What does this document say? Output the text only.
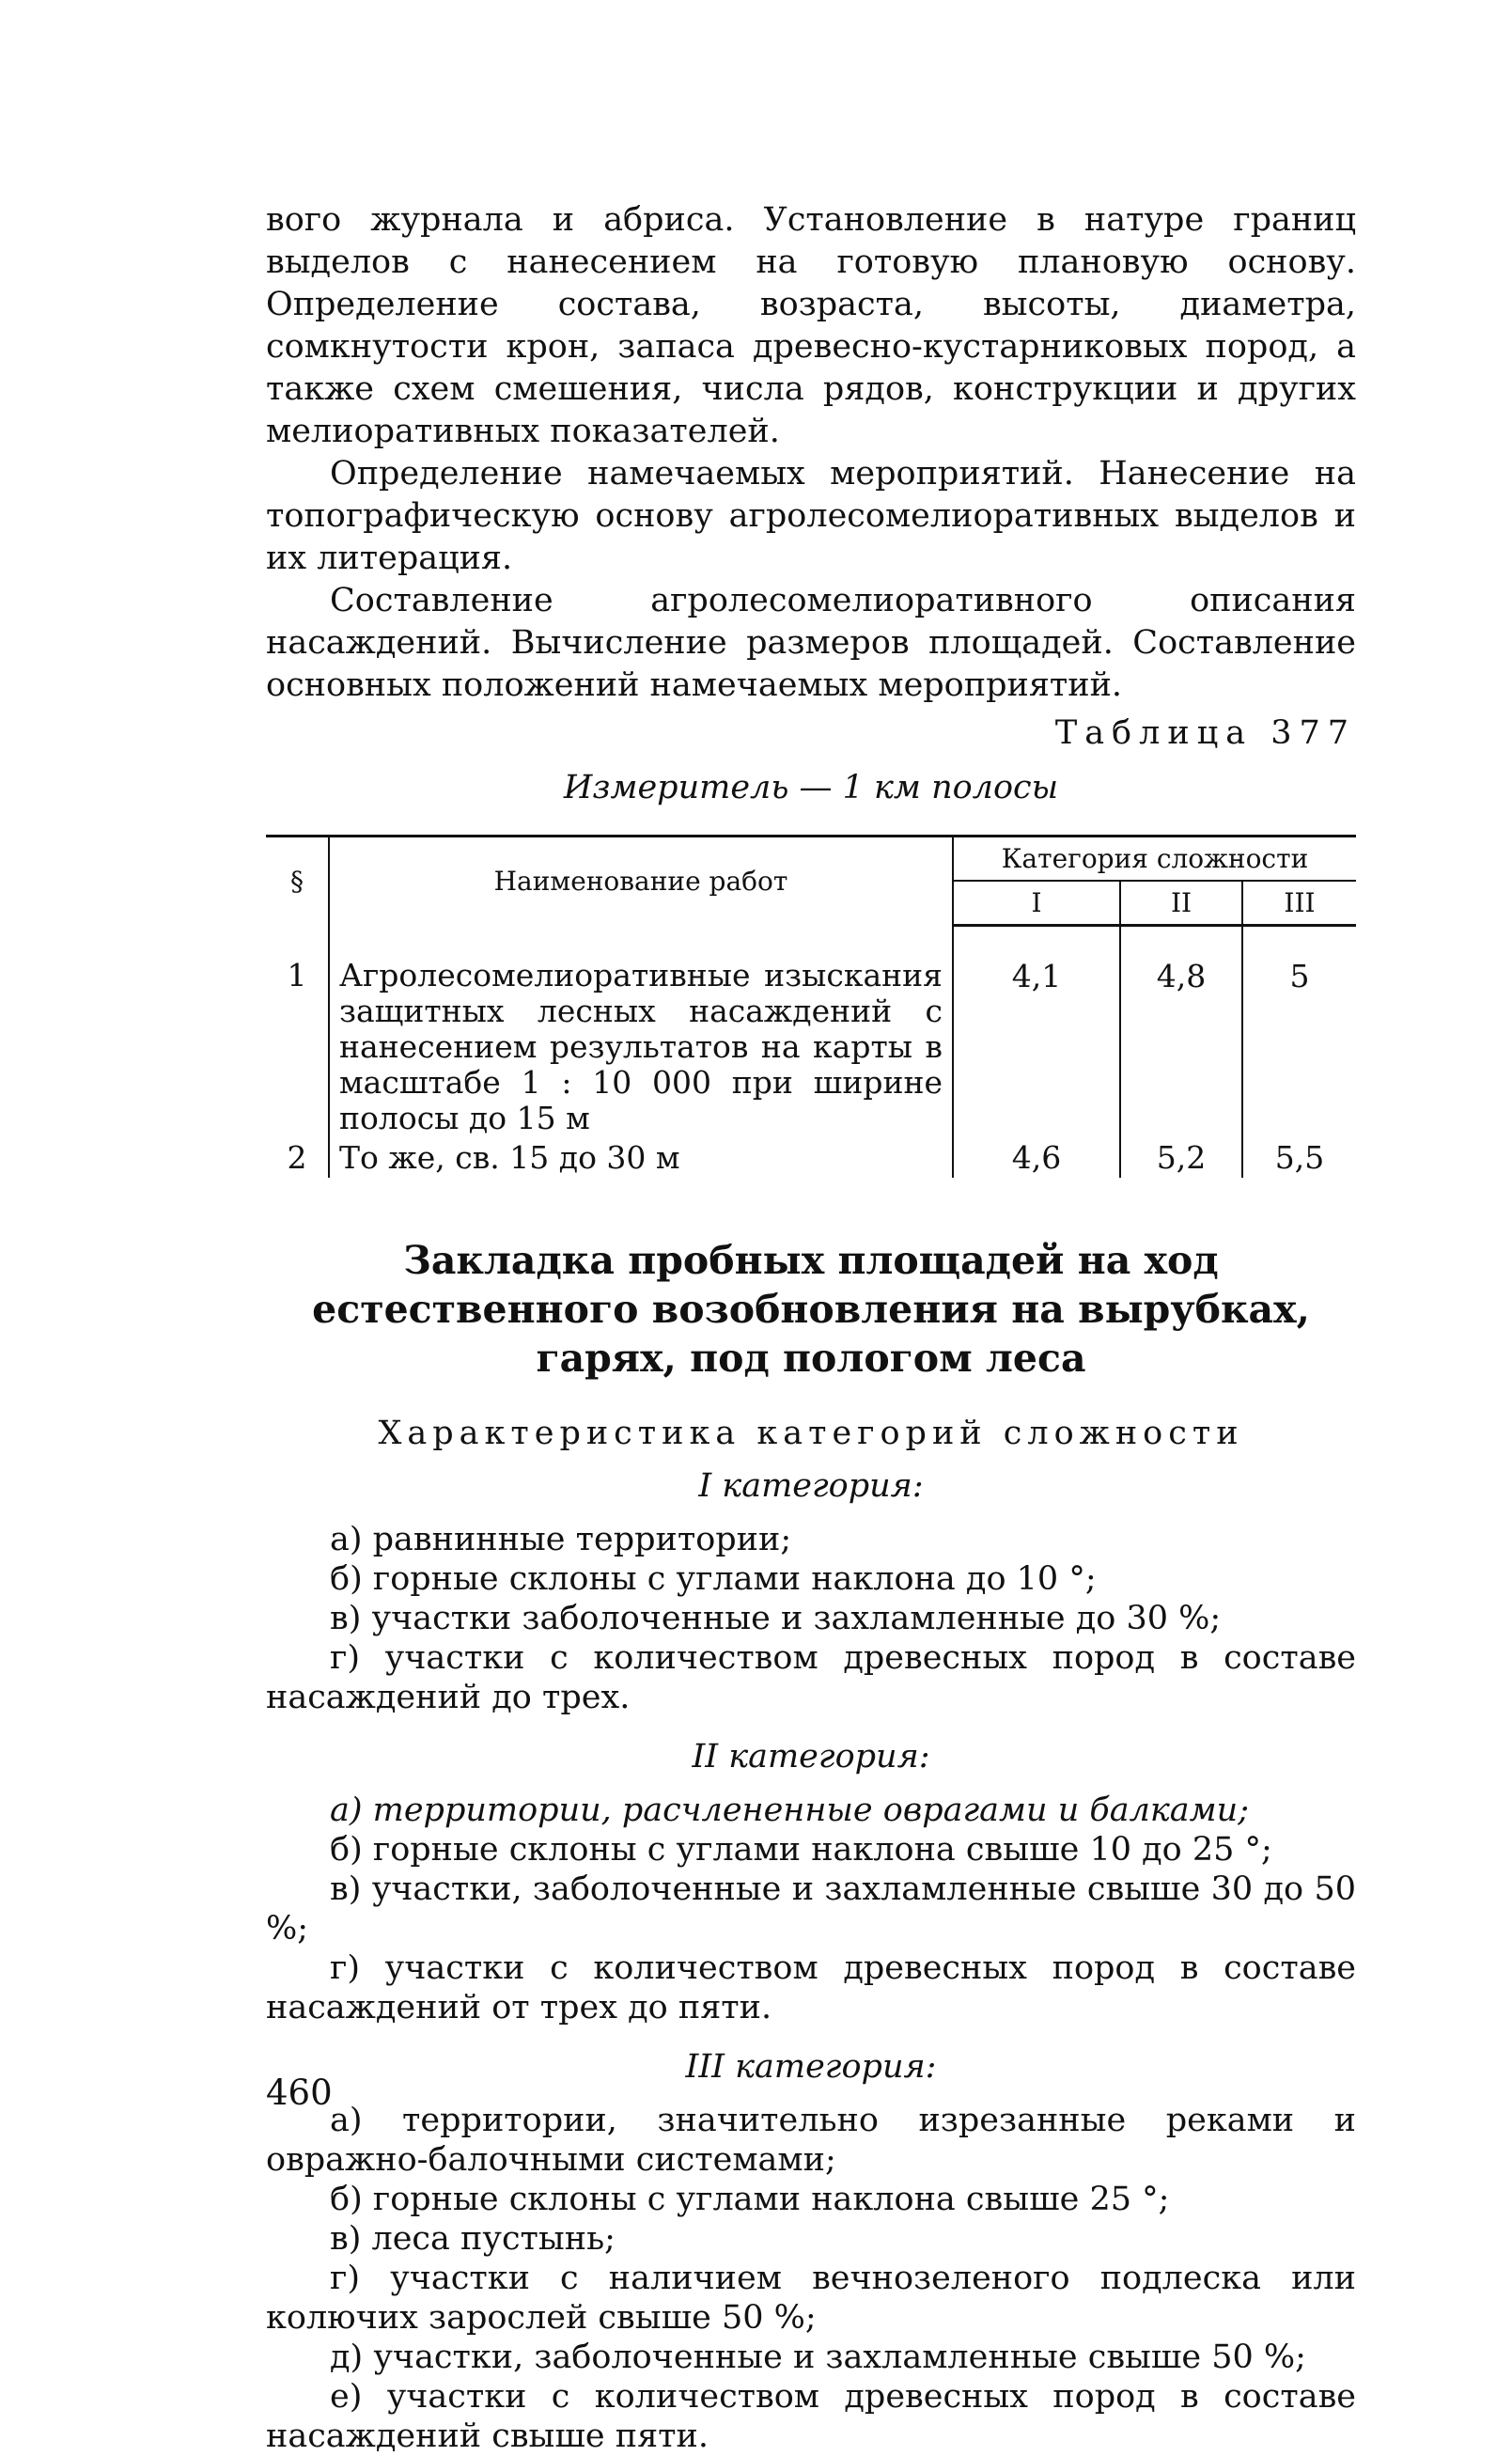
вого журнала и абриса. Установление в натуре границ выделов с нанесением на готовую плановую основу. Определение состава, возраста, высоты, диаметра, сомкнутости крон, запаса древесно-кустарниковых пород, а также схем смешения, числа рядов, конструкции и других мелиоративных показателей.

Определение намечаемых мероприятий. Нанесение на топографическую основу агролесомелиоративных выделов и их литерация.

Составление агролесомелиоративного описания насаждений. Вычисление размеров площадей. Составление основных положений намечаемых мероприятий.

Таблица 377
Измеритель — 1 км полосы
§	Наименование работ	Категория сложности		
		I	II	III
1	Агролесомелиоративные изыскания защитных лесных насаждений с нанесением результатов на карты в масштабе 1 : 10 000 при ширине полосы до 15 м	4,1	4,8	5
2	То же, св. 15 до 30 м	4,6	5,2	5,5
Закладка пробных площадей на ход естественного возобновления на вырубках, гарях, под пологом леса
Характеристика категорий сложности
I категория:

а) равнинные территории;

б) горные склоны с углами наклона до 10 °;

в) участки заболоченные и захламленные до 30 %;

г) участки с количеством древесных пород в составе насаждений до трех.

II категория:

а) территории, расчлененные оврагами и балками;

б) горные склоны с углами наклона свыше 10 до 25 °;

в) участки, заболоченные и захламленные свыше 30 до 50 %;

г) участки с количеством древесных пород в составе насаждений от трех до пяти.

III категория:

а) территории, значительно изрезанные реками и овражно-балочными системами;

б) горные склоны с углами наклона свыше 25 °;

в) леса пустынь;

г) участки с наличием вечнозеленого подлеска или колючих зарослей свыше 50 %;

д) участки, заболоченные и захламленные свыше 50 %;

е) участки с количеством древесных пород в составе насаждений свыше пяти.

460
